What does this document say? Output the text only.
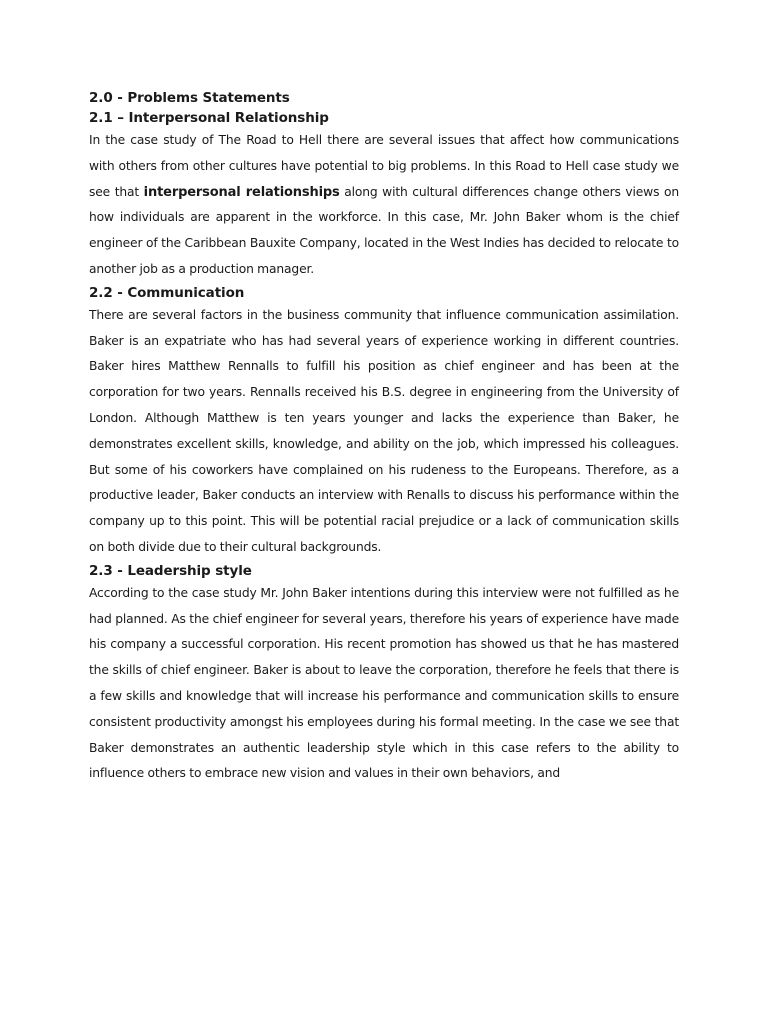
2.0 - Problems Statements
2.1 – Interpersonal Relationship

In the case study of The Road to Hell there are several issues that affect how communications with others from other cultures have potential to big problems. In this Road to Hell case study we see that interpersonal relationships along with cultural differences change others views on how individuals are apparent in the workforce. In this case, Mr. John Baker whom is the chief engineer of the Caribbean Bauxite Company, located in the West Indies has decided to relocate to another job as a production manager.

2.2 - Communication

There are several factors in the business community that influence communication assimilation. Baker is an expatriate who has had several years of experience working in different countries. Baker hires Matthew Rennalls to fulfill his position as chief engineer and has been at the corporation for two years. Rennalls received his B.S. degree in engineering from the University of London. Although Matthew is ten years younger and lacks the experience than Baker, he demonstrates excellent skills, knowledge, and ability on the job, which impressed his colleagues. But some of his coworkers have complained on his rudeness to the Europeans. Therefore, as a productive leader, Baker conducts an interview with Renalls to discuss his performance within the company up to this point. This will be potential racial prejudice or a lack of communication skills on both divide due to their cultural backgrounds.

2.3 - Leadership style

According to the case study Mr. John Baker intentions during this interview were not fulfilled as he had planned. As the chief engineer for several years, therefore his years of experience have made his company a successful corporation. His recent promotion has showed us that he has mastered the skills of chief engineer. Baker is about to leave the corporation, therefore he feels that there is a few skills and knowledge that will increase his performance and communication skills to ensure consistent productivity amongst his employees during his formal meeting. In the case we see that Baker demonstrates an authentic leadership style which in this case refers to the ability to influence others to embrace new vision and values in their own behaviors, and
